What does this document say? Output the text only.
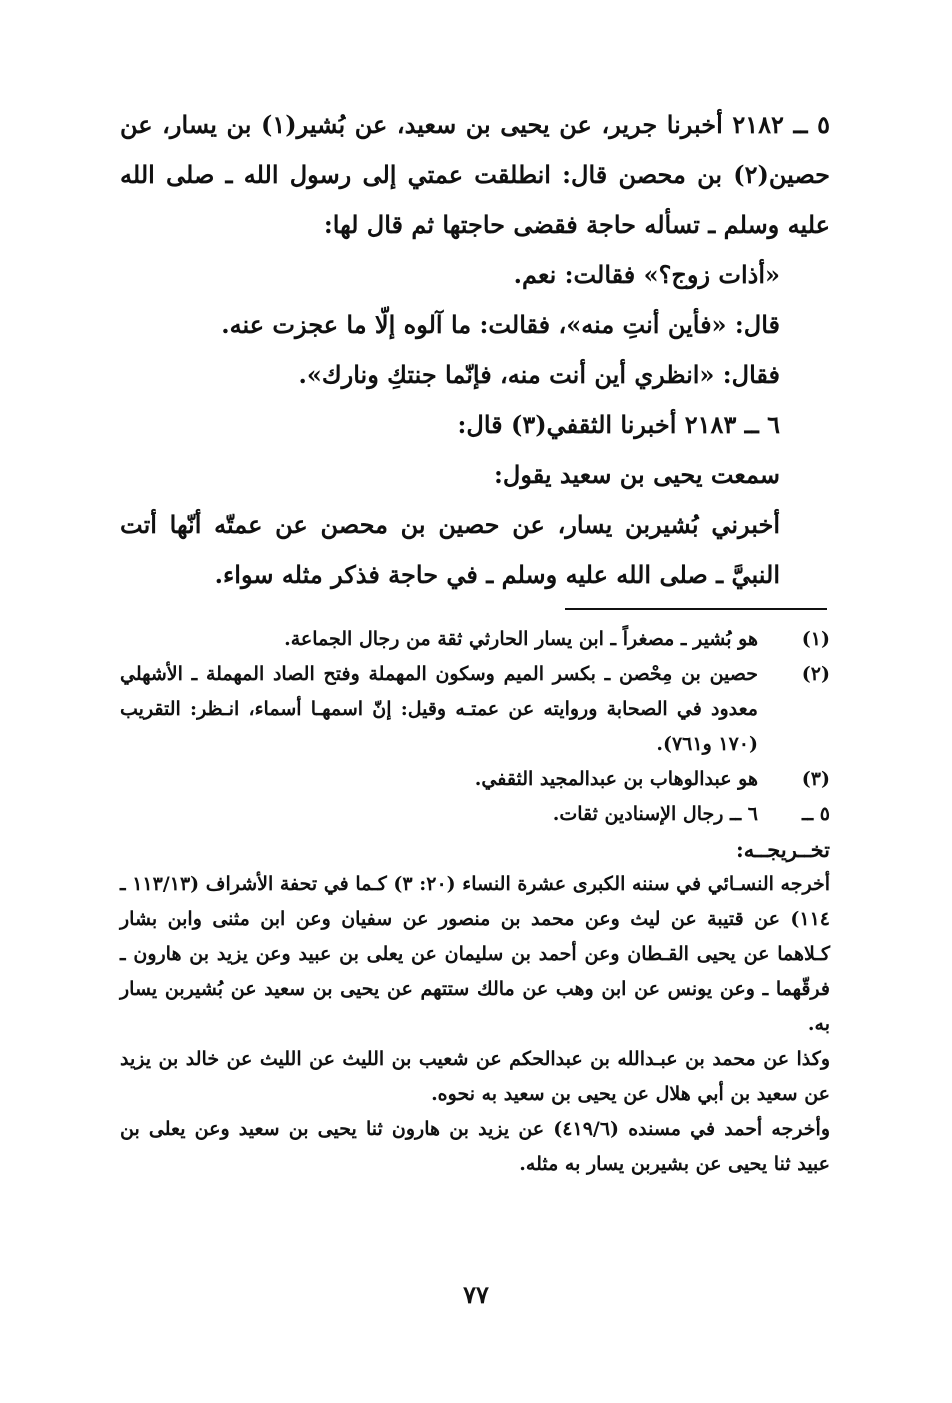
٥ ــ ٢١٨٢ أخبرنا جرير، عن يحيى بن سعيد، عن بُشير(١) بن يسار، عن حصين(٢) بن محصن قال: انطلقت عمتي إلى رسول الله ـ صلى الله عليه وسلم ـ تسأله حاجة فقضى حاجتها ثم قال لها:

«أذات زوج؟» فقالت: نعم.

قال: «فأين أنتِ منه»، فقالت: ما آلوه إلّا ما عجزت عنه.

فقال: «انظري أين أنت منه، فإنّما جنتكِ ونارك».

٦ ــ ٢١٨٣ أخبرنا الثقفي(٣) قال:

سمعت يحيى بن سعيد يقول:

أخبرني بُشيربن يسار، عن حصين بن محصن عن عمتّه أنّها أتت النبيَّ ـ صلى الله عليه وسلم ـ في حاجة فذكر مثله سواء.

(١)
هو بُشير ـ مصغراً ـ ابن يسار الحارثي ثقة من رجال الجماعة.
(٢)
حصين بن مِحْصن ـ بكسر الميم وسكون المهملة وفتح الصاد المهملة ـ الأشهلي معدود في الصحابة وروايته عن عمتـه وقيل: إنّ اسمهـا أسماء، انـظر: التقريب (١٧٠ و٧٦١).
(٣)
هو عبدالوهاب بن عبدالمجيد الثقفي.
٥ ــ
٦ ــ رجال الإسنادين ثقات.

تخــريجــه:

أخرجه النسـائي في سننه الكبرى عشرة النساء (٢٠: ٣) كـما في تحفة الأشراف (١١٣/١٣ ـ ١١٤) عن قتيبة عن ليث وعن محمد بن منصور عن سفيان وعن ابن مثنى وابن بشار كـلاهما عن يحيى القـطان وعن أحمد بن سليمان عن يعلى بن عبيد وعن يزيد بن هارون ـ فرقّهما ـ وعن يونس عن ابن وهب عن مالك ستتهم عن يحيى بن سعيد عن بُشيربن يسار به.

وكذا عن محمد بن عبـدالله بن عبدالحكم عن شعيب بن الليث عن الليث عن خالد بن يزيد عن سعيد بن أبي هلال عن يحيى بن سعيد به نحوه.

وأخرجه أحمد في مسنده (٤١٩/٦) عن يزيد بن هارون ثنا يحيى بن سعيد وعن يعلى بن عبيد ثنا يحيى عن بشيربن يسار به مثله.

٧٧
